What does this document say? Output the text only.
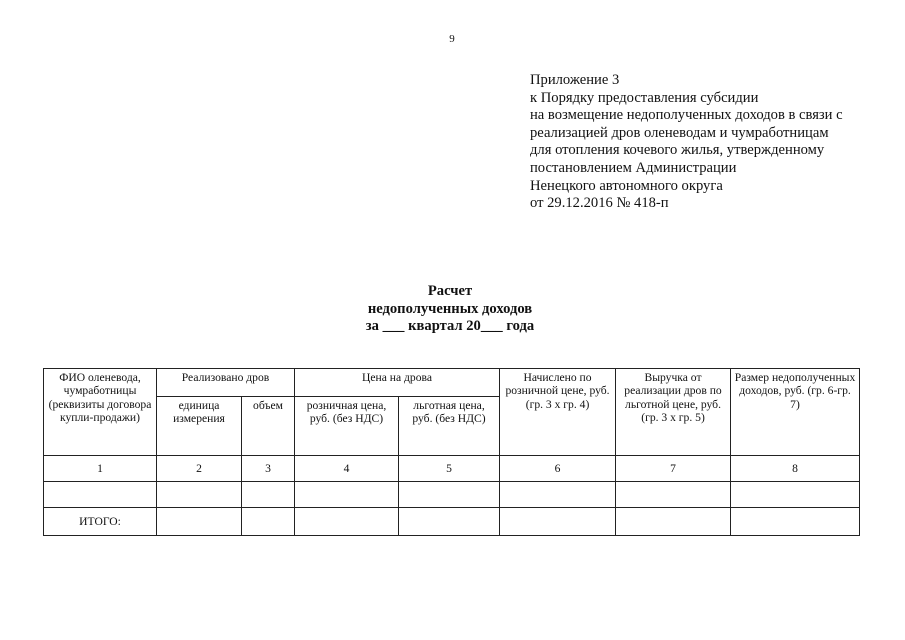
9
Приложение 3
к Порядку предоставления субсидии
на возмещение недополученных доходов в связи с
реализацией дров оленеводам и чумработницам
для отопления кочевого жилья, утвержденному
постановлением Администрации
Ненецкого автономного округа
от 29.12.2016 № 418-п
Расчет
недополученных доходов
за ___ квартал 20___ года
ФИО оленевода, чумработницы (реквизиты договора купли-продажи)	Реализовано дров		Цена на дрова		Начислено по розничной цене, руб. (гр. 3 х гр. 4)	Выручка от реализации дров по льготной цене, руб. (гр. 3 х гр. 5)	Размер недополученных доходов, руб. (гр. 6-гр. 7)
	единица измерения	объем	розничная цена, руб. (без НДС)	льготная цена, руб. (без НДС)			
1	2	3	4	5	6	7	8

ИТОГО:							
